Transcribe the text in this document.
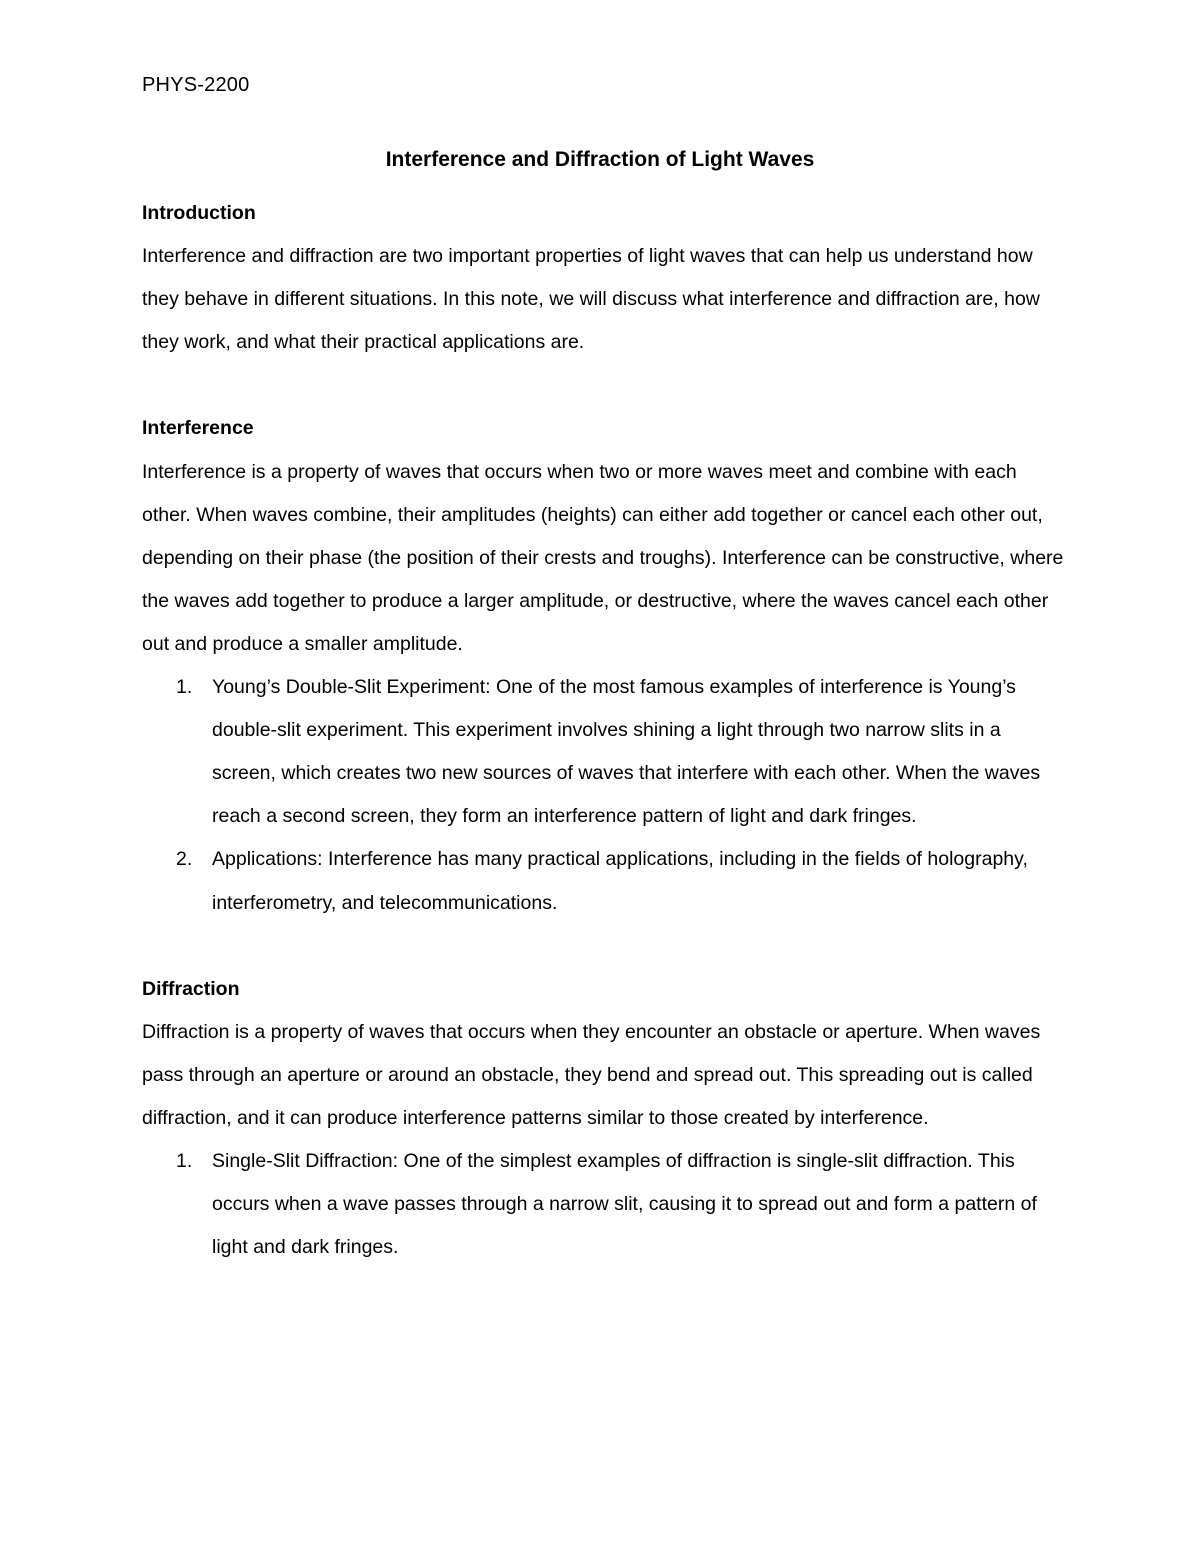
PHYS-2200
Interference and Diffraction of Light Waves

Introduction

Interference and diffraction are two important properties of light waves that can help us understand how they behave in different situations. In this note, we will discuss what interference and diffraction are, how they work, and what their practical applications are.

Interference

Interference is a property of waves that occurs when two or more waves meet and combine with each other. When waves combine, their amplitudes (heights) can either add together or cancel each other out, depending on their phase (the position of their crests and troughs). Interference can be constructive, where the waves add together to produce a larger amplitude, or destructive, where the waves cancel each other out and produce a smaller amplitude.

1. Young’s Double-Slit Experiment: One of the most famous examples of interference is Young’s double-slit experiment. This experiment involves shining a light through two narrow slits in a screen, which creates two new sources of waves that interfere with each other. When the waves reach a second screen, they form an interference pattern of light and dark fringes.
2. Applications: Interference has many practical applications, including in the fields of holography, interferometry, and telecommunications.

Diffraction

Diffraction is a property of waves that occurs when they encounter an obstacle or aperture. When waves pass through an aperture or around an obstacle, they bend and spread out. This spreading out is called diffraction, and it can produce interference patterns similar to those created by interference.

1. Single-Slit Diffraction: One of the simplest examples of diffraction is single-slit diffraction. This occurs when a wave passes through a narrow slit, causing it to spread out and form a pattern of light and dark fringes.
